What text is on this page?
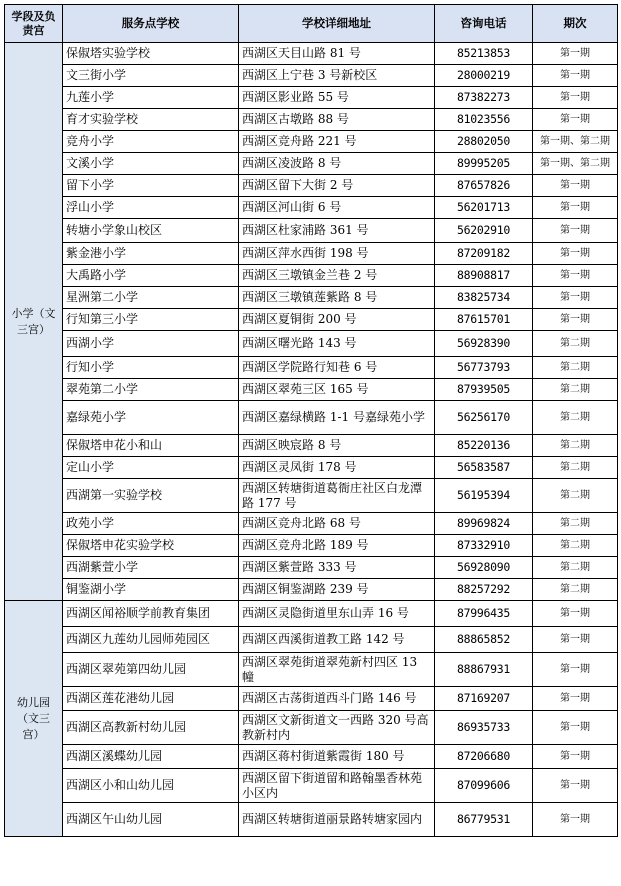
学段及负责宫	服务点学校	学校详细地址	咨询电话	期次
小学（文三宫）	保俶塔实验学校	西湖区天目山路 81 号	85213853	第一期
	文三街小学	西湖区上宁巷 3 号新校区	28000219	第一期
	九莲小学	西湖区影业路 55 号	87382273	第一期
	育才实验学校	西湖区古墩路 88 号	81023556	第一期
	竞舟小学	西湖区竞舟路 221 号	28802050	第一期、第二期
	文溪小学	西湖区凌波路 8 号	89995205	第一期、第二期
	留下小学	西湖区留下大街 2 号	87657826	第一期
	浮山小学	西湖区河山街 6 号	56201713	第一期
	转塘小学象山校区	西湖区杜家浦路 361 号	56202910	第一期
	紫金港小学	西湖区萍水西街 198 号	87209182	第一期
	大禹路小学	西湖区三墩镇金兰巷 2 号	88908817	第一期
	星洲第二小学	西湖区三墩镇莲紫路 8 号	83825734	第一期
	行知第三小学	西湖区夏铜街 200 号	87615701	第一期
	西湖小学	西湖区曙光路 143 号	56928390	第二期
	行知小学	西湖区学院路行知巷 6 号	56773793	第二期
	翠苑第二小学	西湖区翠苑三区 165 号	87939505	第二期
	嘉绿苑小学	西湖区嘉绿横路 1-1 号嘉绿苑小学	56256170	第二期
	保俶塔申花小和山	西湖区映宸路 8 号	85220136	第二期
	定山小学	西湖区灵凤街 178 号	56583587	第二期
	西湖第一实验学校	西湖区转塘街道葛衙庄社区白龙潭路 177 号	56195394	第二期
	政苑小学	西湖区竞舟北路 68 号	89969824	第二期
	保俶塔申花实验学校	西湖区竞舟北路 189 号	87332910	第二期
	西湖紫萱小学	西湖区紫萱路 333 号	56928090	第二期
	铜鉴湖小学	西湖区铜鉴湖路 239 号	88257292	第二期
幼儿园（文三宫）	西湖区闻裕顺学前教育集团	西湖区灵隐街道里东山弄 16 号	87996435	第一期
	西湖区九莲幼儿园师苑园区	西湖区西溪街道教工路 142 号	88865852	第一期
	西湖区翠苑第四幼儿园	西湖区翠苑街道翠苑新村四区 13 幢	88867931	第一期
	西湖区莲花港幼儿园	西湖区古荡街道西斗门路 146 号	87169207	第一期
	西湖区高教新村幼儿园	西湖区文新街道文一西路 320 号高教新村内	86935733	第一期
	西湖区溪蝶幼儿园	西湖区蒋村街道紫霞街 180 号	87206680	第一期
	西湖区小和山幼儿园	西湖区留下街道留和路翰墨香林苑小区内	87099606	第一期
	西湖区午山幼儿园	西湖区转塘街道丽景路转塘家园内	86779531	第一期
